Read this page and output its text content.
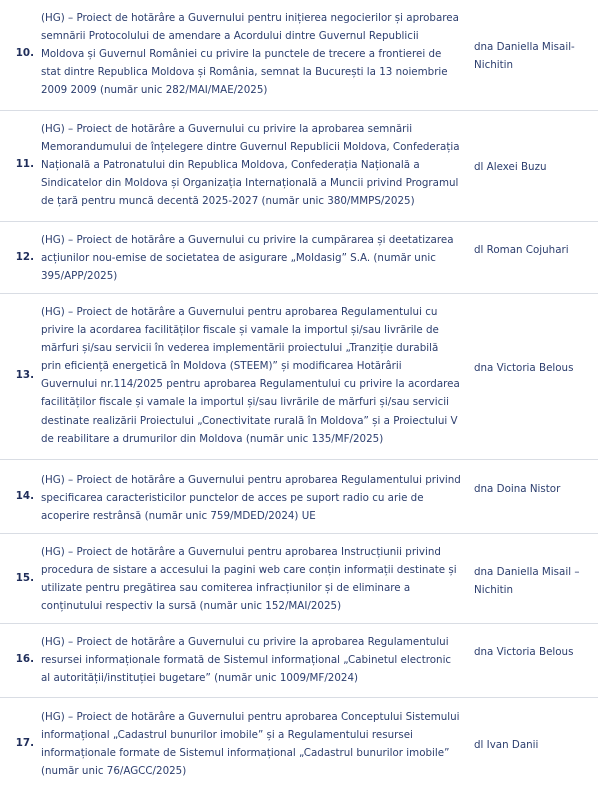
10.
(HG) – Proiect de hotărâre a Guvernului pentru inițierea negocierilor și aprobarea semnării Protocolului de amendare a Acordului dintre Guvernul Republicii Moldova și Guvernul României cu privire la punctele de trecere a frontierei de stat dintre Republica Moldova și România, semnat la București la 13 noiembrie 2009 2009 (număr unic 282/MAI/MAE/2025)
dna Daniella Misail-Nichitin
11.
(HG) – Proiect de hotărâre a Guvernului cu privire la aprobarea semnării Memorandumului de înțelegere dintre Guvernul Republicii Moldova, Confederația Națională a Patronatului din Republica Moldova, Confederația Națională a Sindicatelor din Moldova și Organizația Internațională a Muncii privind Programul de țară pentru muncă decentă 2025-2027 (număr unic 380/MMPS/2025)
dl Alexei Buzu
12.
(HG) – Proiect de hotărâre a Guvernului cu privire la cumpărarea și deetatizarea acțiunilor nou-emise de societatea de asigurare „Moldasig” S.A. (număr unic 395/APP/2025)
dl Roman Cojuhari
13.
(HG) – Proiect de hotărâre a Guvernului pentru aprobarea Regulamentului cu privire la acordarea facilităților fiscale și vamale la importul și/sau livrările de mărfuri și/sau servicii în vederea implementării proiectului „Tranziție durabilă prin eficiență energetică în Moldova (STEEM)” și modificarea Hotărârii Guvernului nr.114/2025 pentru aprobarea Regulamentului cu privire la acordarea facilităților fiscale și vamale la importul și/sau livrările de mărfuri și/sau servicii destinate realizării Proiectului „Conectivitate rurală în Moldova” și a Proiectului V de reabilitare a drumurilor din Moldova (număr unic 135/MF/2025)
dna Victoria Belous
14.
(HG) – Proiect de hotărâre a Guvernului pentru aprobarea Regulamentului privind specificarea caracteristicilor punctelor de acces pe suport radio cu arie de acoperire restrânsă (număr unic 759/MDED/2024) UE
dna Doina Nistor
15.
(HG) – Proiect de hotărâre a Guvernului pentru aprobarea Instrucțiunii privind procedura de sistare a accesului la pagini web care conțin informații destinate și utilizate pentru pregătirea sau comiterea infracțiunilor și de eliminare a conținutului respectiv la sursă (număr unic 152/MAI/2025)
dna Daniella Misail – Nichitin
16.
(HG) – Proiect de hotărâre a Guvernului cu privire la aprobarea Regulamentului resursei informaționale formată de Sistemul informațional „Cabinetul electronic al autorității/instituției bugetare” (număr unic 1009/MF/2024)
dna Victoria Belous
17.
(HG) – Proiect de hotărâre a Guvernului pentru aprobarea Conceptului Sistemului informațional „Cadastrul bunurilor imobile” și a Regulamentului resursei informaționale formate de Sistemul informațional „Cadastrul bunurilor imobile” (număr unic 76/AGCC/2025)
dl Ivan Danii
